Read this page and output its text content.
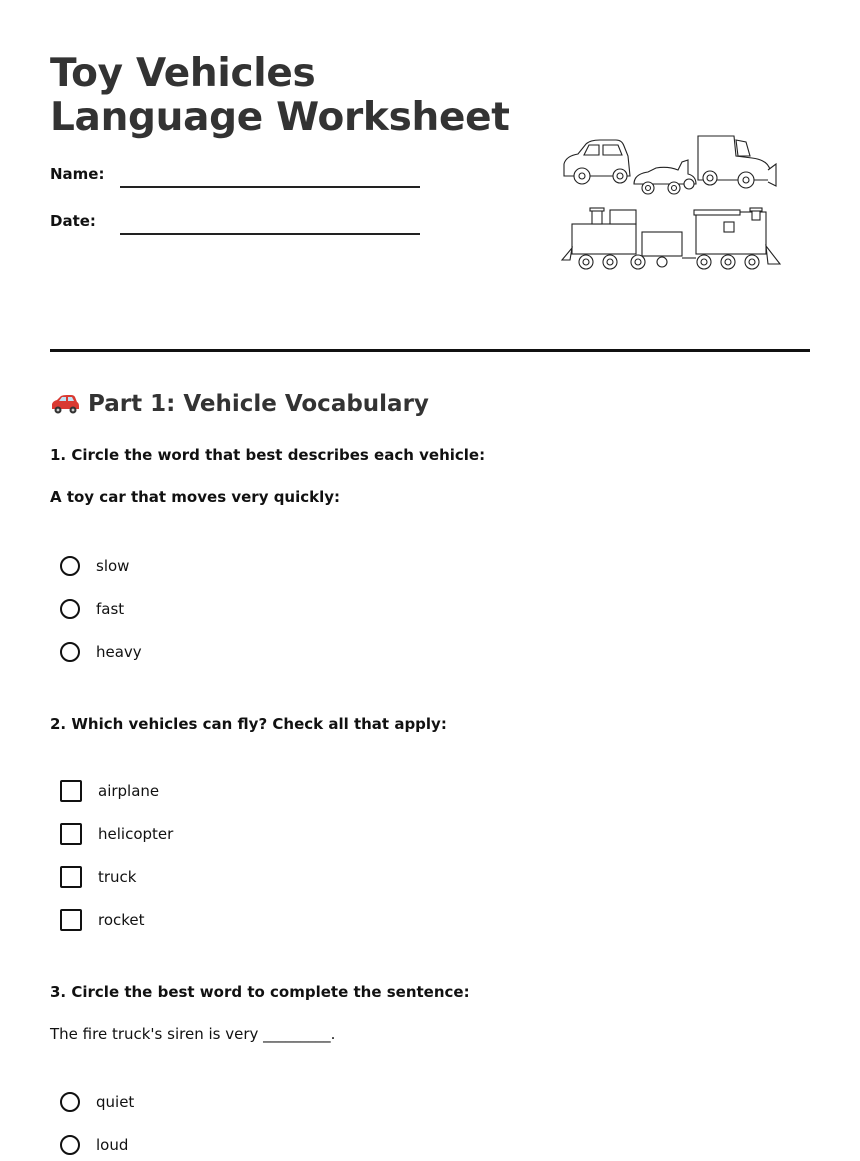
Toy Vehicles Language Worksheet
Name:
Date:
Part 1: Vehicle Vocabulary
1. Circle the word that best describes each vehicle:
A toy car that moves very quickly:
slow
fast
heavy
2. Which vehicles can fly? Check all that apply:
airplane
helicopter
truck
rocket
3. Circle the best word to complete the sentence:
The fire truck's siren is very _________.
quiet
loud
